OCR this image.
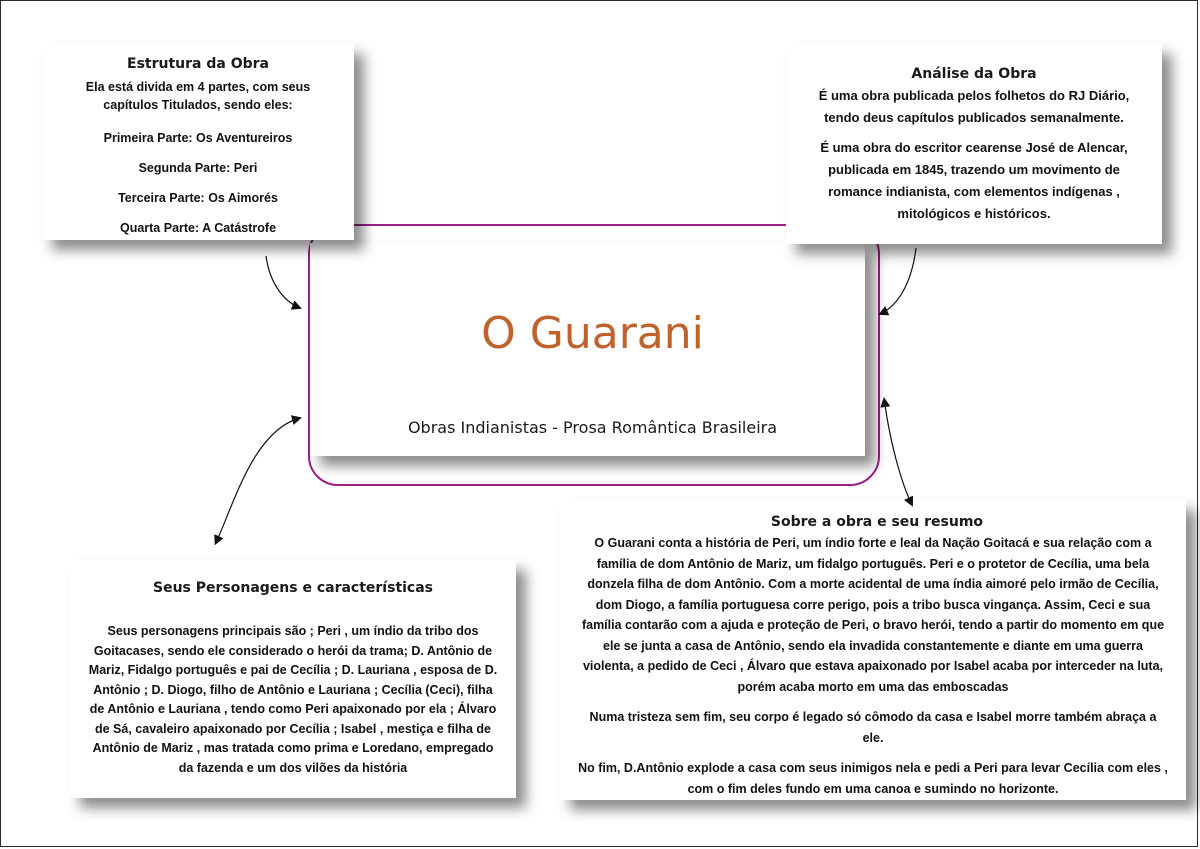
O Guarani
Obras Indianistas - Prosa Romântica Brasileira
Estrutura da Obra

Ela está divida em 4 partes, com seus capítulos Titulados, sendo eles:

Primeira Parte: Os Aventureiros

Segunda Parte: Peri

Terceira Parte: Os Aimorés

Quarta Parte: A Catástrofe

Análise da Obra

É uma obra publicada pelos folhetos do RJ Diário, tendo deus capítulos publicados semanalmente.

É uma obra do escritor cearense José de Alencar, publicada em 1845, trazendo um movimento de romance indianista, com elementos indígenas , mitológicos e históricos.

Seus Personagens e características

Seus personagens principais são ; Peri , um índio da tribo dos Goitacases, sendo ele considerado o herói da trama; D. Antônio de Mariz, Fidalgo português e pai de Cecília ; D. Lauriana , esposa de D. Antônio ; D. Diogo, filho de Antônio e Lauriana ; Cecília (Ceci), filha de Antônio e Lauriana , tendo como Peri apaixonado por ela ; Álvaro de Sá, cavaleiro apaixonado por Cecília ; Isabel , mestiça e filha de Antônio de Mariz , mas tratada como prima e Loredano, empregado da fazenda e um dos vilões da história

Sobre a obra e seu resumo

O Guarani conta a história de Peri, um índio forte e leal da Nação Goitacá e sua relação com a família de dom Antônio de Mariz, um fidalgo português. Peri e o protetor de Cecília, uma bela donzela filha de dom Antônio. Com a morte acidental de uma índia aimoré pelo irmão de Cecília, dom Diogo, a família portuguesa corre perigo, pois a tribo busca vingança. Assim, Ceci e sua família contarão com a ajuda e proteção de Peri, o bravo herói, tendo a partir do momento em que ele se junta a casa de Antônio, sendo ela invadida constantemente e diante em uma guerra violenta, a pedido de Ceci , Álvaro que estava apaixonado por Isabel acaba por interceder na luta, porém acaba morto em uma das emboscadas

Numa tristeza sem fim, seu corpo é legado só cômodo da casa e Isabel morre também abraça a ele.

No fim, D.Antônio explode a casa com seus inimigos nela e pedi a Peri para levar Cecília com eles , com o fim deles fundo em uma canoa e sumindo no horizonte.
